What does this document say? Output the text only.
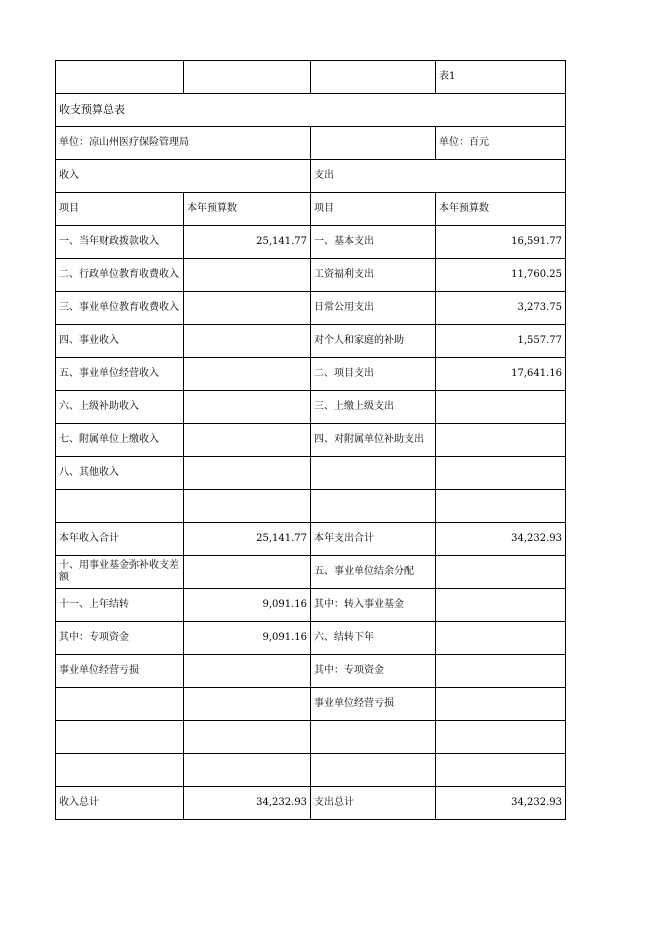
			表1
收支预算总表			
单位：凉山州医疗保险管理局			单位：百元
收入		支出	
项目	本年预算数	项目	本年预算数
一、当年财政拨款收入	25,141.77	一、基本支出	16,591.77
二、行政单位教育收费收入		工资福利支出	11,760.25
三、事业单位教育收费收入		日常公用支出	3,273.75
四、事业收入		对个人和家庭的补助	1,557.77
五、事业单位经营收入		二、项目支出	17,641.16
六、上级补助收入		三、上缴上级支出	
七、附属单位上缴收入		四、对附属单位补助支出	
八、其他收入			

本年收入合计	25,141.77	本年支出合计	34,232.93
十、用事业基金弥补收支差额		五、事业单位结余分配	
十一、上年结转	9,091.16	其中：转入事业基金	
其中：专项资金	9,091.16	六、结转下年	
事业单位经营亏损		其中：专项资金	
		事业单位经营亏损	

收入总计	34,232.93	支出总计	34,232.93
